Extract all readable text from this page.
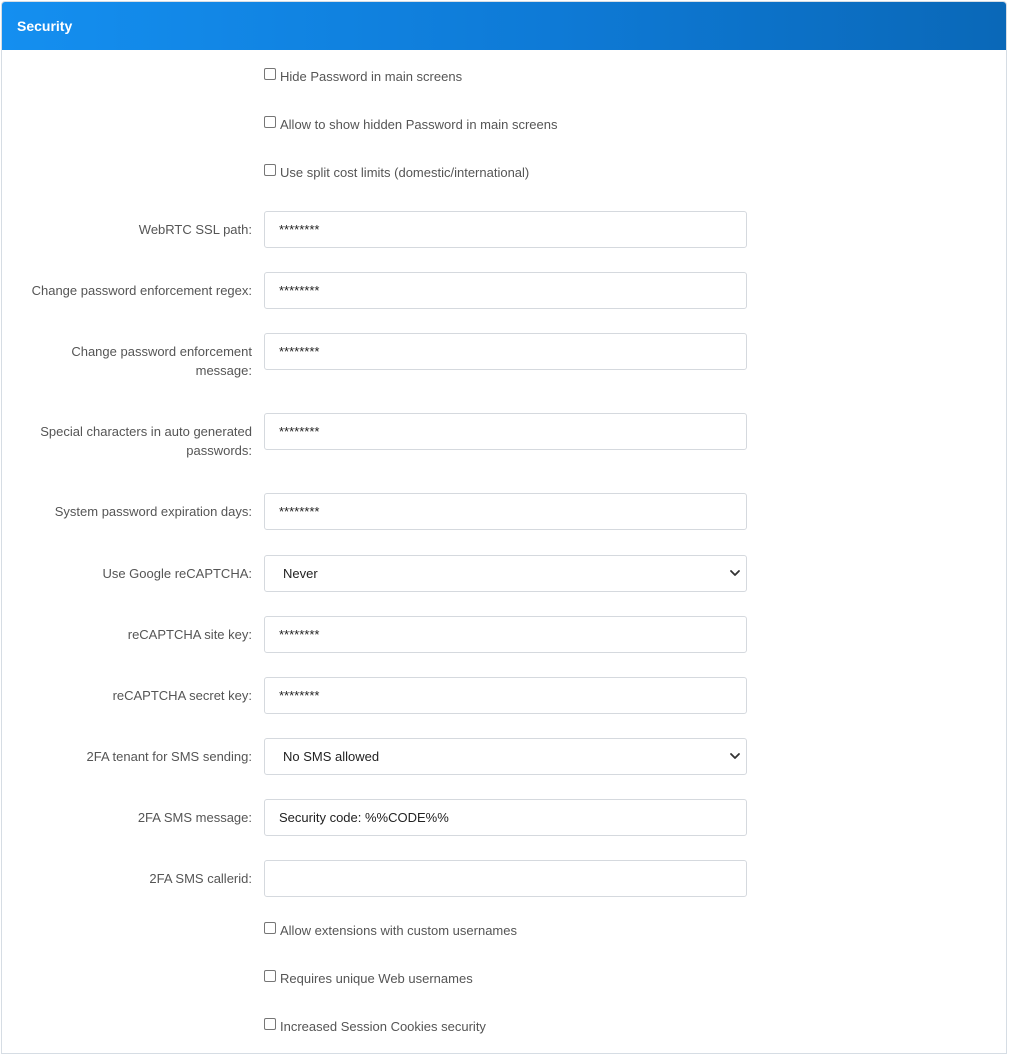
Security
Hide Password in main screens
Allow to show hidden Password in main screens
Use split cost limits (domestic/international)
WebRTC SSL path:	********
Change password enforcement regex:	********
Change password enforcement
message:
********
Special characters in auto generated
passwords:
********
System password expiration days:	********
Use Google reCAPTCHA:	Never
reCAPTCHA site key:	********
reCAPTCHA secret key:	********
2FA tenant for SMS sending:	No SMS allowed
2FA SMS message:	Security code: %%CODE%%
2FA SMS callerid:
Allow extensions with custom usernames
Requires unique Web usernames
Increased Session Cookies security
